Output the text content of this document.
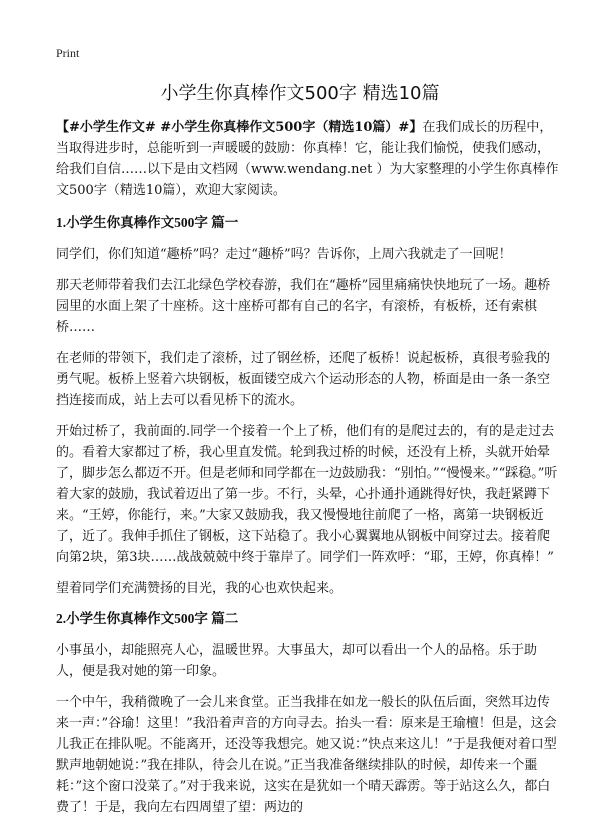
Print
小学生你真棒作文500字 精选10篇

【#小学生作文# #小学生你真棒作文500字（精选10篇）#】在我们成长的历程中，当取得进步时，总能听到一声暖暖的鼓励：你真棒！它，能让我们愉悦，使我们感动，给我们自信……以下是由文档网（www.wendang.net ）为大家整理的小学生你真棒作文500字（精选10篇），欢迎大家阅读。

1.小学生你真棒作文500字 篇一

同学们，你们知道“趣桥”吗？走过“趣桥”吗？告诉你，上周六我就走了一回呢！

那天老师带着我们去江北绿色学校春游，我们在“趣桥”园里痛痛快快地玩了一场。趣桥园里的水面上架了十座桥。这十座桥可都有自己的名字，有滚桥，有板桥，还有索棋桥……

在老师的带领下，我们走了滚桥，过了钢丝桥，还爬了板桥！说起板桥，真很考验我的勇气呢。板桥上竖着六块钢板，板面镂空成六个运动形态的人物，桥面是由一条一条空挡连接而成，站上去可以看见桥下的流水。

开始过桥了，我前面的.同学一个接着一个上了桥，他们有的是爬过去的，有的是走过去的。看着大家都过了桥，我心里直发慌。轮到我过桥的时候，还没有上桥，头就开始晕了，脚步怎么都迈不开。但是老师和同学都在一边鼓励我：“别怕。”“慢慢来。”“踩稳。”听着大家的鼓励，我试着迈出了第一步。不行，头晕，心扑通扑通跳得好快，我赶紧蹲下来。“王婷，你能行，来。”大家又鼓励我，我又慢慢地往前爬了一格，离第一块钢板近了，近了。我伸手抓住了钢板，这下站稳了。我小心翼翼地从钢板中间穿过去。接着爬向第2块，第3块……战战兢兢中终于靠岸了。同学们一阵欢呼：“耶，王婷，你真棒！”

望着同学们充满赞扬的目光，我的心也欢快起来。

2.小学生你真棒作文500字 篇二

小事虽小，却能照亮人心，温暖世界。大事虽大，却可以看出一个人的品格。乐于助人，便是我对她的第一印象。

一个中午，我稍微晚了一会儿来食堂。正当我排在如龙一般长的队伍后面，突然耳边传来一声：”谷瑜！这里！”我沿着声音的方向寻去。抬头一看：原来是王瑜檀！但是，这会儿我正在排队呢。不能离开，还没等我想完。她又说：”快点来这儿！”于是我便对着口型默声地朝她说：”我在排队，待会儿在说。”正当我准备继续排队的时候，却传来一个噩耗：”这个窗口没菜了。”对于我来说，这实在是犹如一个晴天霹雳。等于站这么久，都白费了！于是，我向左右四周望了望：两边的
